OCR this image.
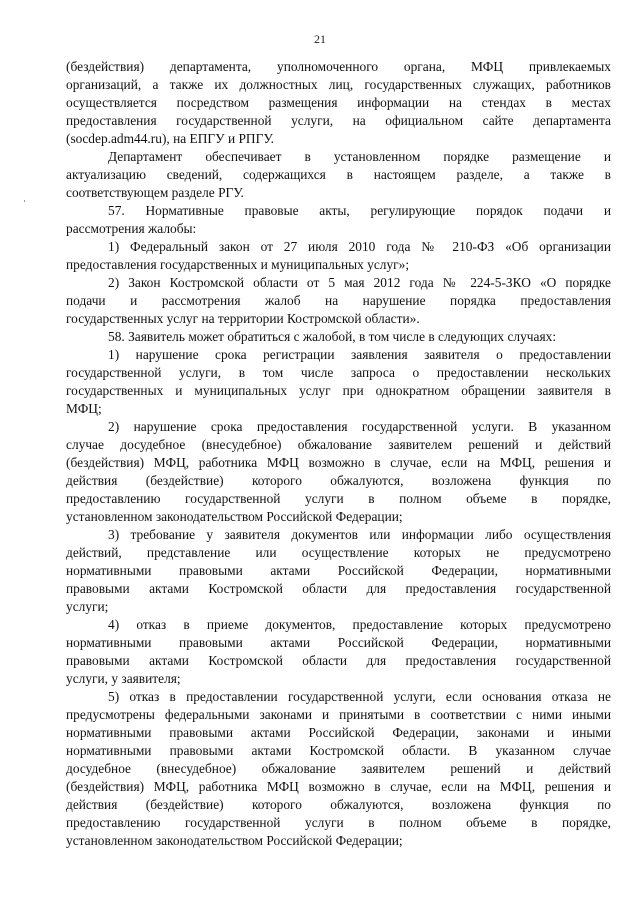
21
(бездействия) департамента, уполномоченного органа, МФЦ привлекаемых
организаций, а также их должностных лиц, государственных служащих, работников
осуществляется посредством размещения информации на стендах в местах
предоставления государственной услуги, на официальном сайте департамента
(socdep.adm44.ru), на ЕПГУ и РПГУ.
Департамент обеспечивает в установленном порядке размещение и
актуализацию сведений, содержащихся в настоящем разделе, а также в
соответствующем разделе РГУ.
57. Нормативные правовые акты, регулирующие порядок подачи и
рассмотрения жалобы:
1) Федеральный закон от 27 июля 2010 года № 210-ФЗ «Об организации
предоставления государственных и муниципальных услуг»;
2) Закон Костромской области от 5 мая 2012 года № 224-5-ЗКО «О порядке
подачи и рассмотрения жалоб на нарушение порядка предоставления
государственных услуг на территории Костромской области».
58. Заявитель может обратиться с жалобой, в том числе в следующих случаях:
1) нарушение срока регистрации заявления заявителя о предоставлении
государственной услуги, в том числе запроса о предоставлении нескольких
государственных и муниципальных услуг при однократном обращении заявителя в
МФЦ;
2) нарушение срока предоставления государственной услуги. В указанном
случае досудебное (внесудебное) обжалование заявителем решений и действий
(бездействия) МФЦ, работника МФЦ возможно в случае, если на МФЦ, решения и
действия (бездействие) которого обжалуются, возложена функция по
предоставлению государственной услуги в полном объеме в порядке,
установленном законодательством Российской Федерации;
3) требование у заявителя документов или информации либо осуществления
действий, представление или осуществление которых не предусмотрено
нормативными правовыми актами Российской Федерации, нормативными
правовыми актами Костромской области для предоставления государственной
услуги;
4) отказ в приеме документов, предоставление которых предусмотрено
нормативными правовыми актами Российской Федерации, нормативными
правовыми актами Костромской области для предоставления государственной
услуги, у заявителя;
5) отказ в предоставлении государственной услуги, если основания отказа не
предусмотрены федеральными законами и принятыми в соответствии с ними иными
нормативными правовыми актами Российской Федерации, законами и иными
нормативными правовыми актами Костромской области. В указанном случае
досудебное (внесудебное) обжалование заявителем решений и действий
(бездействия) МФЦ, работника МФЦ возможно в случае, если на МФЦ, решения и
действия (бездействие) которого обжалуются, возложена функция по
предоставлению государственной услуги в полном объеме в порядке,
установленном законодательством Российской Федерации;
